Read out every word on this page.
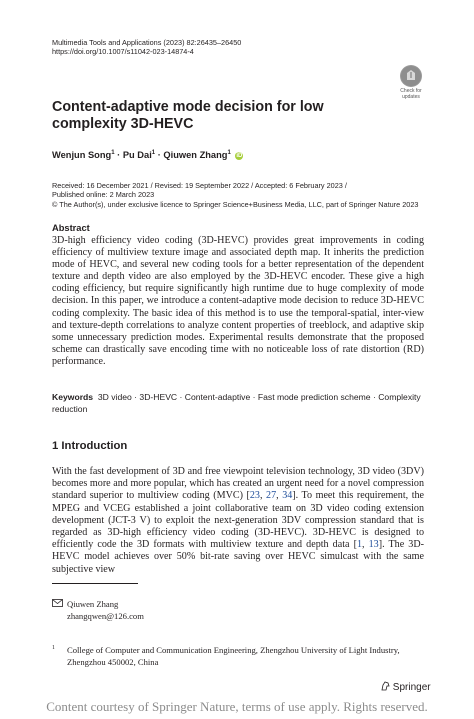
Multimedia Tools and Applications (2023) 82:26435–26450
https://doi.org/10.1007/s11042-023-14874-4
Check for
updates
Content-adaptive mode decision for low
complexity 3D-HEVC
Wenjun Song$^1$ · Pu Dai$^1$ · Qiuwen Zhang$^1$ iD
Received: 16 December 2021 / Revised: 19 September 2022 / Accepted: 6 February 2023 /
Published online: 2 March 2023
© The Author(s), under exclusive licence to Springer Science+Business Media, LLC, part of Springer Nature 2023
Abstract
3D-high efficiency video coding (3D-HEVC) provides great improvements in coding efficiency of multiview texture image and associated depth map. It inherits the prediction mode of HEVC, and several new coding tools for a better representation of the dependent texture and depth video are also employed by the 3D-HEVC encoder. These give a high coding efficiency, but require significantly high runtime due to huge complexity of mode decision. In this paper, we introduce a content-adaptive mode decision to reduce 3D-HEVC coding complexity. The basic idea of this method is to use the temporal-spatial, inter-view and texture-depth correlations to analyze content properties of treeblock, and adaptive skip some unnecessary prediction modes. Experimental results demonstrate that the proposed scheme can drastically save encoding time with no noticeable loss of rate distortion (RD) performance.
Keywords 3D video · 3D-HEVC · Content-adaptive · Fast mode prediction scheme · Complexity reduction
1 Introduction
With the fast development of 3D and free viewpoint television technology, 3D video (3DV) becomes more and more popular, which has created an urgent need for a novel compression standard superior to multiview coding (MVC) [23, 27, 34]. To meet this requirement, the MPEG and VCEG established a joint collaborative team on 3D video coding extension development (JCT-3 V) to exploit the next-generation 3DV compression standard that is regarded as 3D-high efficiency video coding (3D-HEVC). 3D-HEVC is designed to efficiently code the 3D formats with multiview texture and depth data [1, 13]. The 3D-HEVC model achieves over 50% bit-rate saving over HEVC simulcast with the same subjective view
Qiuwen Zhang
zhangqwen@126.com
1	College of Computer and Communication Engineering, Zhengzhou University of Light Industry,
Zhengzhou 450002, China
Springer
Content courtesy of Springer Nature, terms of use apply. Rights reserved.
